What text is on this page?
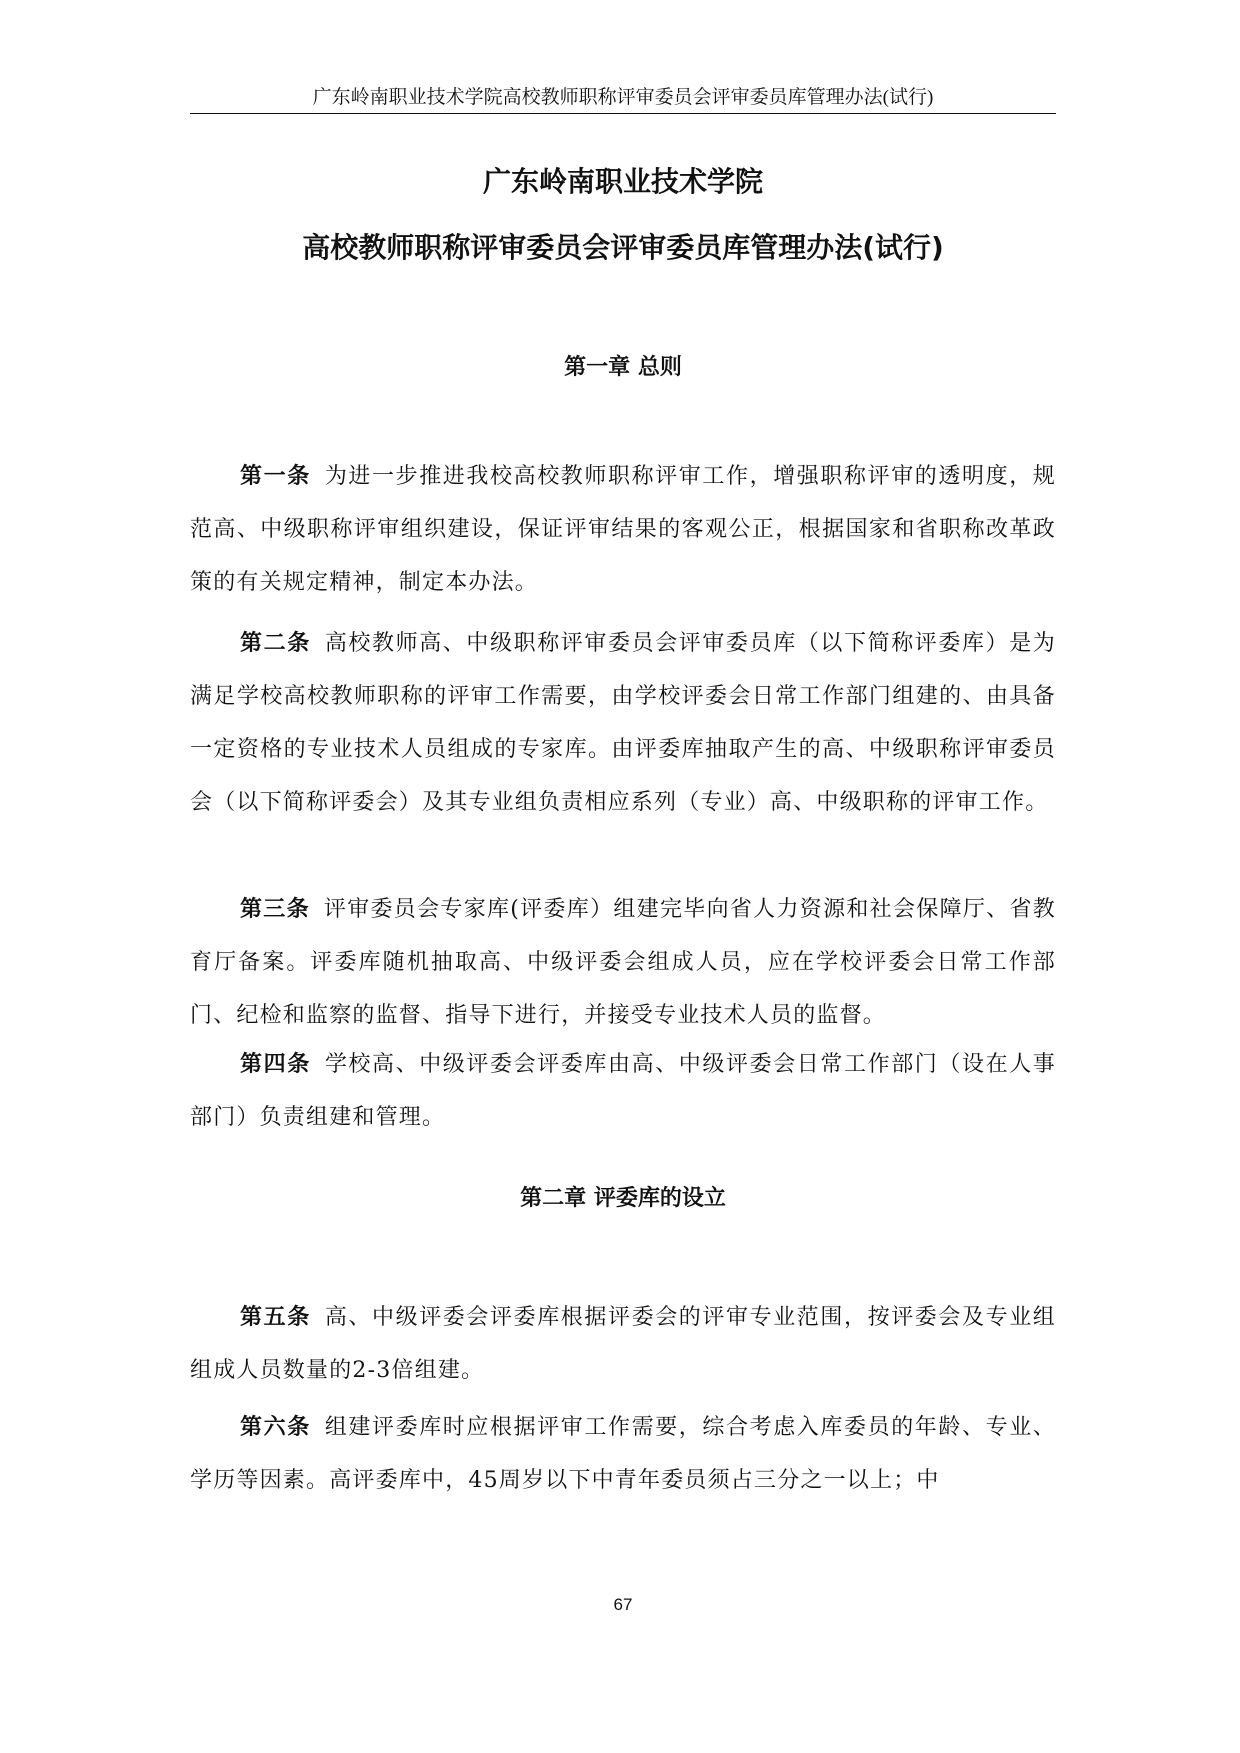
广东岭南职业技术学院高校教师职称评审委员会评审委员库管理办法(试行)
广东岭南职业技术学院
高校教师职称评审委员会评审委员库管理办法(试行)
第一章 总则

第一条 为进一步推进我校高校教师职称评审工作，增强职称评审的透明度，规范高、中级职称评审组织建设，保证评审结果的客观公正，根据国家和省职称改革政策的有关规定精神，制定本办法。

第二条 高校教师高、中级职称评审委员会评审委员库（以下简称评委库）是为满足学校高校教师职称的评审工作需要，由学校评委会日常工作部门组建的、由具备一定资格的专业技术人员组成的专家库。由评委库抽取产生的高、中级职称评审委员会（以下简称评委会）及其专业组负责相应系列（专业）高、中级职称的评审工作。

第三条 评审委员会专家库(评委库）组建完毕向省人力资源和社会保障厅、省教育厅备案。评委库随机抽取高、中级评委会组成人员，应在学校评委会日常工作部门、纪检和监察的监督、指导下进行，并接受专业技术人员的监督。

第四条 学校高、中级评委会评委库由高、中级评委会日常工作部门（设在人事部门）负责组建和管理。

第二章 评委库的设立

第五条 高、中级评委会评委库根据评委会的评审专业范围，按评委会及专业组组成人员数量的2-3倍组建。

第六条 组建评委库时应根据评审工作需要，综合考虑入库委员的年龄、专业、学历等因素。高评委库中，45周岁以下中青年委员须占三分之一以上；中

67
